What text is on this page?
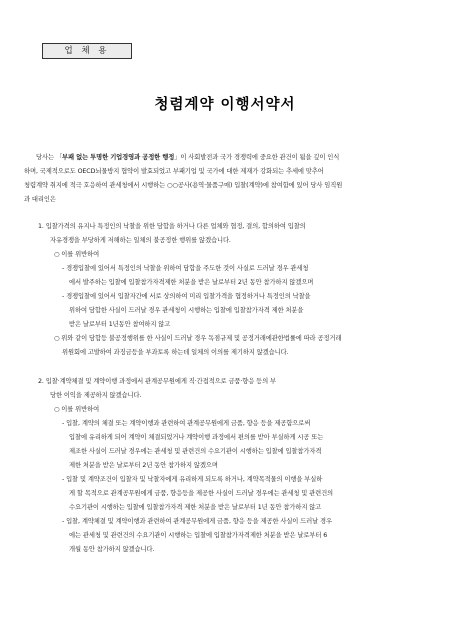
업 체 용
청렴계약 이행서약서
당사는 「부패 없는 투명한 기업경영과 공정한 행정」이 사회발전과 국가 경쟁력에 중요한 관건이 됨을 깊이 인식
하며, 국제적으로도 OECD뇌물방지 협약이 발효되었고 부패기업 및 국가에 대한 제재가 강화되는 추세에 맞추어
청렴계약 취지에 적극 호응하여 관세청에서 시행하는 ○○공사(용역·물품구매) 입찰(계약)에 참여함에 있어 당사 임직원
과 대리인은
1. 입찰가격의 유지나 특정인의 낙찰을 위한 담합을 하거나 다른 업체와 협정, 결의, 합의하여 입찰의
자유경쟁을 부당하게 저해하는 일체의 불공정한 행위를 않겠습니다.
○ 이를 위반하여
- 경쟁입찰에 있어서 특정인의 낙찰을 위하여 담합을 주도한 것이 사실로 드러날 경우 관세청
에서 발주하는 입찰에 입찰참가자격제한 처분을 받은 날로부터 2년 동안 참가하지 않겠으며
- 경쟁입찰에 있어서 입찰자간에 서로 상의하여 미리 입찰가격을 협정하거나 특정인의 낙찰을
위하여 담합한 사실이 드러날 경우 관세청이 시행하는 입찰에 입찰참가자격 제한 처분을
받은 날로부터 1년동안 참여하지 않고
○ 위와 같이 담합등 불공정행위를 한 사실이 드러날 경우 독점규제 및 공정거래에관한법률에 따라 공정거래
위원회에 고발하여 과징금등을 부과토록 하는데 일체의 이의를 제기하지 않겠습니다.
2. 입찰·계약체결 및 계약이행 과정에서 관계공무원에게 직·간접적으로 금품·향응 등의 부
당한 이익을 제공하지 않겠습니다.
○ 이를 위반하여
- 입찰, 계약의 체결 또는 계약이행과 관련하여 관계공무원에게 금품, 향응 등을 제공함으로써
입찰에 유리하게 되어 계약이 체결되었거나 계약이행 과정에서 편의를 받아 부실하게 시공 또는
제조한 사실이 드러날 경우에는 관세청 및 관련건의 수요기관이 시행하는 입찰에 입찰참가자격
제한 처분을 받은 날로부터 2년 동안 참가하지 않겠으며
- 입찰 및 계약조건이 입찰자 및 낙찰자에게 유리하게 되도록 하거나, 계약목적물의 이행을 부실하
게 할 목적으로 관계공무원에게 금품, 향응등을 제공한 사실이 드러날 경우에는 관세청 및 관련건의
수요기관이 시행하는 입찰에 입찰참가자격 제한 처분을 받은 날로부터 1년 동안 참가하지 않고
- 입찰, 계약체결 및 계약이행과 관련하여 관계공무원에게 금품, 향응 등을 제공한 사실이 드러날 경우
에는 관세청 및 관련건의 수요기관이 시행하는 입찰에 입찰참가자격제한 처분을 받은 날로부터 6
개월 동안 참가하지 않겠습니다.
